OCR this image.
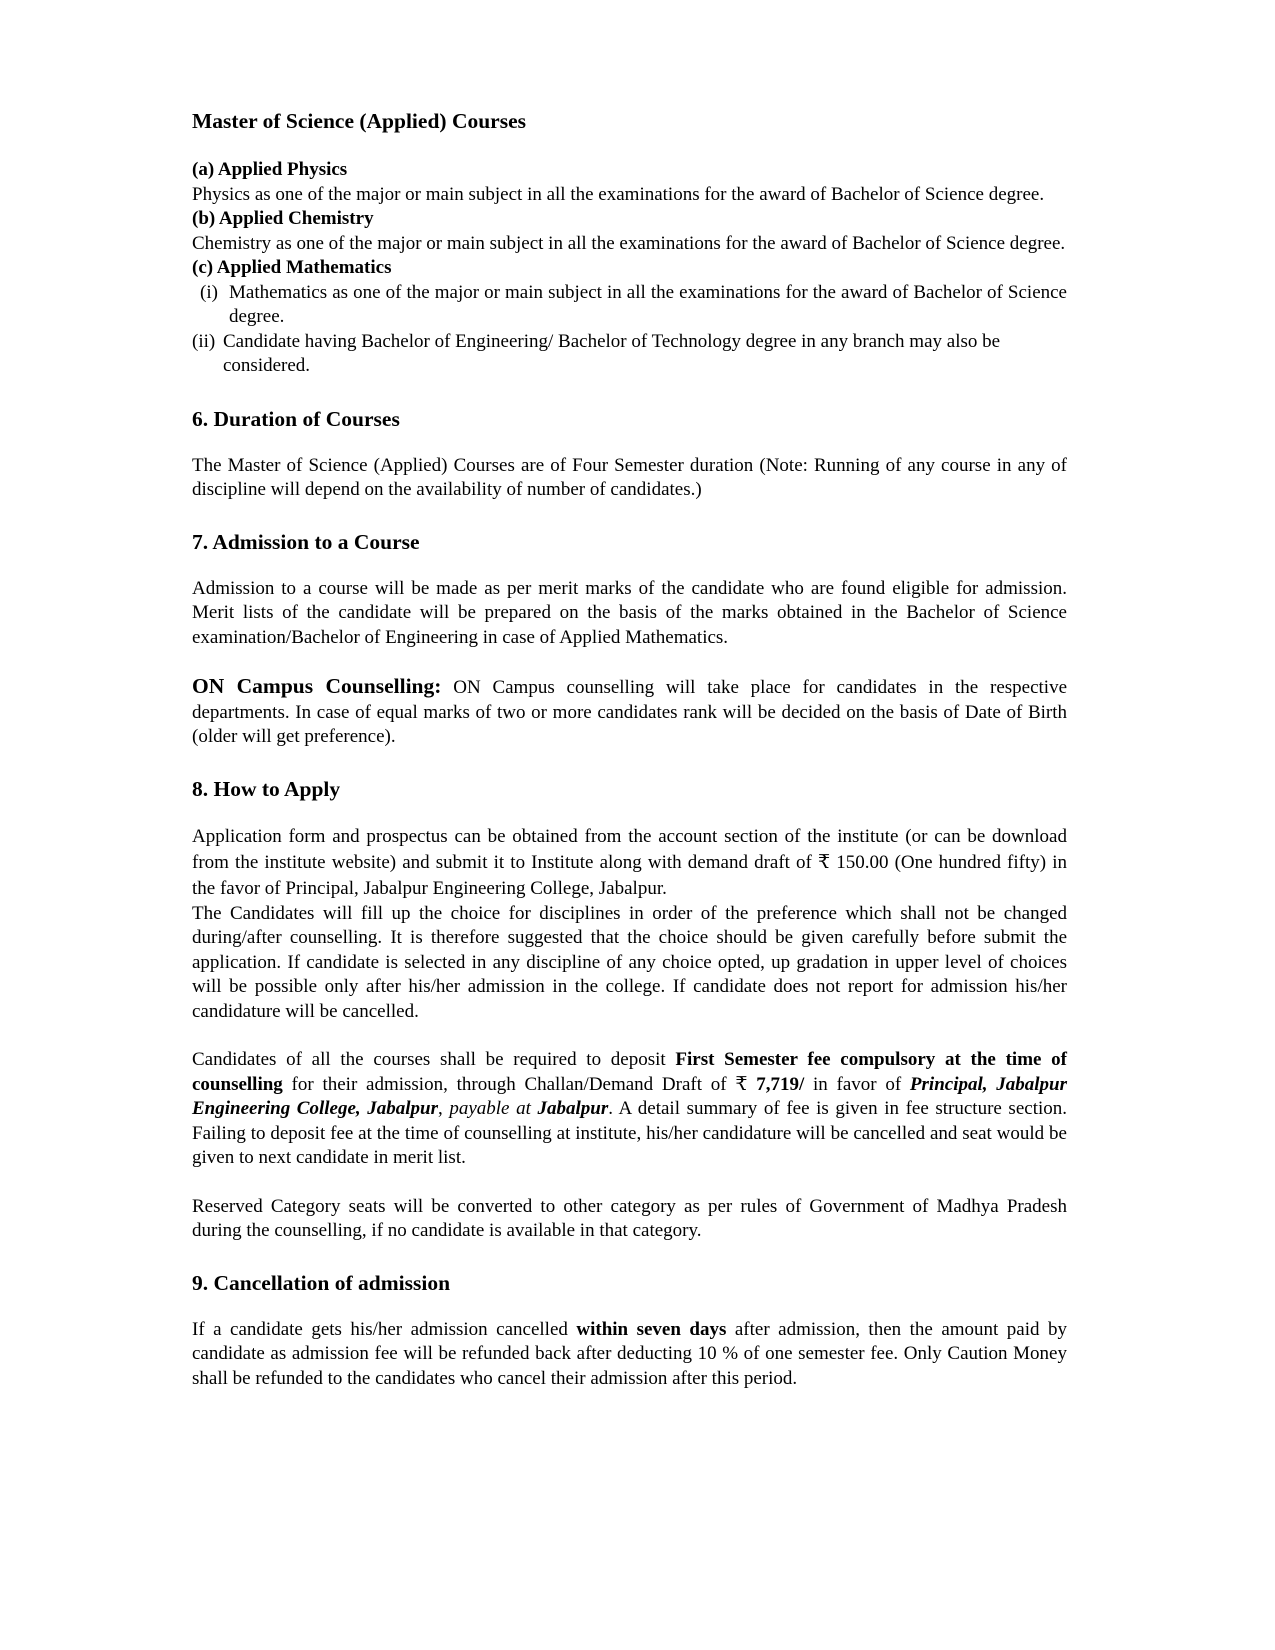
Master of Science (Applied) Courses
(a) Applied Physics

Physics as one of the major or main subject in all the examinations for the award of Bachelor of Science degree.

(b) Applied Chemistry

Chemistry as one of the major or main subject in all the examinations for the award of Bachelor of Science degree.

(c) Applied Mathematics
(i) Mathematics as one of the major or main subject in all the examinations for the award of Bachelor of Science degree.
(ii) Candidate having Bachelor of Engineering/ Bachelor of Technology degree in any branch may also be considered.
6. Duration of Courses

The Master of Science (Applied) Courses are of Four Semester duration (Note: Running of any course in any of discipline will depend on the availability of number of candidates.)

7. Admission to a Course

Admission to a course will be made as per merit marks of the candidate who are found eligible for admission. Merit lists of the candidate will be prepared on the basis of the marks obtained in the Bachelor of Science examination/Bachelor of Engineering in case of Applied Mathematics.

ON Campus Counselling: ON Campus counselling will take place for candidates in the respective departments. In case of equal marks of two or more candidates rank will be decided on the basis of Date of Birth (older will get preference).

8. How to Apply

Application form and prospectus can be obtained from the account section of the institute (or can be download from the institute website) and submit it to Institute along with demand draft of ₹ 150.00 (One hundred fifty) in the favor of Principal, Jabalpur Engineering College, Jabalpur.

The Candidates will fill up the choice for disciplines in order of the preference which shall not be changed during/after counselling. It is therefore suggested that the choice should be given carefully before submit the application. If candidate is selected in any discipline of any choice opted, up gradation in upper level of choices will be possible only after his/her admission in the college. If candidate does not report for admission his/her candidature will be cancelled.

Candidates of all the courses shall be required to deposit First Semester fee compulsory at the time of counselling for their admission, through Challan/Demand Draft of ₹ 7,719/ in favor of Principal, Jabalpur Engineering College, Jabalpur, payable at Jabalpur. A detail summary of fee is given in fee structure section. Failing to deposit fee at the time of counselling at institute, his/her candidature will be cancelled and seat would be given to next candidate in merit list.

Reserved Category seats will be converted to other category as per rules of Government of Madhya Pradesh during the counselling, if no candidate is available in that category.

9. Cancellation of admission

If a candidate gets his/her admission cancelled within seven days after admission, then the amount paid by candidate as admission fee will be refunded back after deducting 10 % of one semester fee. Only Caution Money shall be refunded to the candidates who cancel their admission after this period.
